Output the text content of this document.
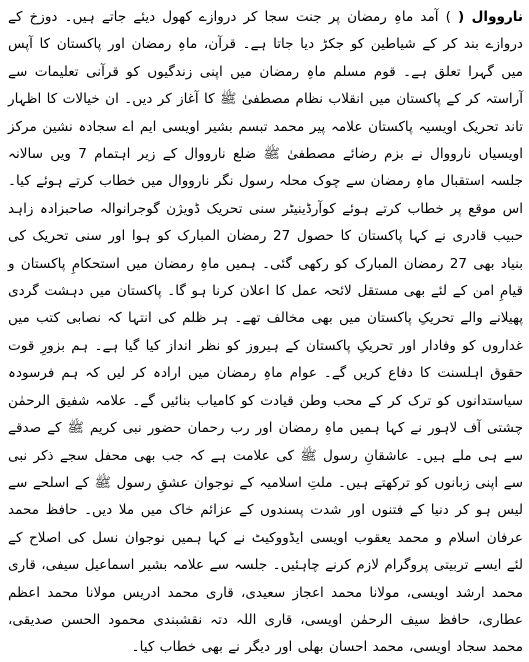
نارووال ( ) آمد ماہِ رمضان پر جنت سجا کر دروازے کھول دیئے جاتے ہیں۔ دوزخ کے دروازے بند کر کے شیاطین کو جکڑ دیا جاتا ہے۔ قرآن، ماہِ رمضان اور پاکستان کا آپس میں گہرا تعلق ہے۔ قوم مسلم ماہِ رمضان میں اپنی زندگیوں کو قرآنی تعلیمات سے آراستہ کر کے پاکستان میں انقلاب نظام مصطفیٰ ﷺ کا آغاز کر دیں۔ ان خیالات کا اظہار تاند تحریک اویسیہ پاکستان علامہ پیر محمد تبسم بشیر اویسی ایم اے سجادہ نشین مرکز اویسیاں نارووال نے بزم رضائے مصطفیٰ ﷺ ضلع نارووال کے زیر اہتمام 7 ویں سالانہ جلسہ استقبال ماہِ رمضان سے چوک محلہ رسول نگر نارووال میں خطاب کرتے ہوئے کیا۔ اس موقع پر خطاب کرتے ہوئے کوآرڈینیٹر سنی تحریک ڈویژن گوجرانوالہ صاحبزادہ زاہد حبیب قادری نے کہا پاکستان کا حصول 27 رمضان المبارک کو ہوا اور سنی تحریک کی بنیاد بھی 27 رمضان المبارک کو رکھی گئی۔ ہمیں ماہِ رمضان میں استحکامِ پاکستان و قیامِ امن کے لئے بھی مستقل لائحہ عمل کا اعلان کرنا ہو گا۔ پاکستان میں دہشت گردی پھیلانے والے تحریکِ پاکستان میں بھی مخالف تھے۔ ہر ظلم کی انتہا کہ نصابی کتب میں غداروں کو وفادار اور تحریکِ پاکستان کے ہیروز کو نظر انداز کیا گیا ہے۔ ہم بزورِ قوت حقوق اہلسنت کا دفاع کریں گے۔ عوام ماہِ رمضان میں ارادہ کر لیں کہ ہم فرسودہ سیاستدانوں کو ترک کر کے محب وطن قیادت کو کامیاب بنائیں گے۔ علامہ شفیق الرحمٰن چشتی آف لاہور نے کہا ہمیں ماہِ رمضان اور رب رحمان حضور نبی کریم ﷺ کے صدقے سے ہی ملے ہیں۔ عاشقانِ رسول ﷺ کی علامت ہے کہ جب بھی محفل سجے ذکر نبی سے اپنی زبانوں کو ترکھتے ہیں۔ ملتِ اسلامیہ کے نوجوان عشقِ رسول ﷺ کے اسلحے سے لیس ہو کر دنیا کے فتنوں اور شدت پسندوں کے عزائم خاک میں ملا دیں۔ حافظ محمد عرفان اسلام و محمد یعقوب اویسی ایڈووکیٹ نے کہا ہمیں نوجوان نسل کی اصلاح کے لئے ایسے تربیتی پروگرام لازم کرنے چاہئیں۔ جلسہ سے علامہ بشیر اسماعیل سیفی، قاری محمد ارشد اویسی، مولانا محمد اعجاز سعیدی، قاری محمد ادریس مولانا محمد اعظم عطاری، حافظ سیف الرحمٰن اویسی، قاری اللہ دتہ نقشبندی محمود الحسن صدیقی، محمد سجاد اویسی، محمد احسان بھلی اور دیگر نے بھی خطاب کیا۔
